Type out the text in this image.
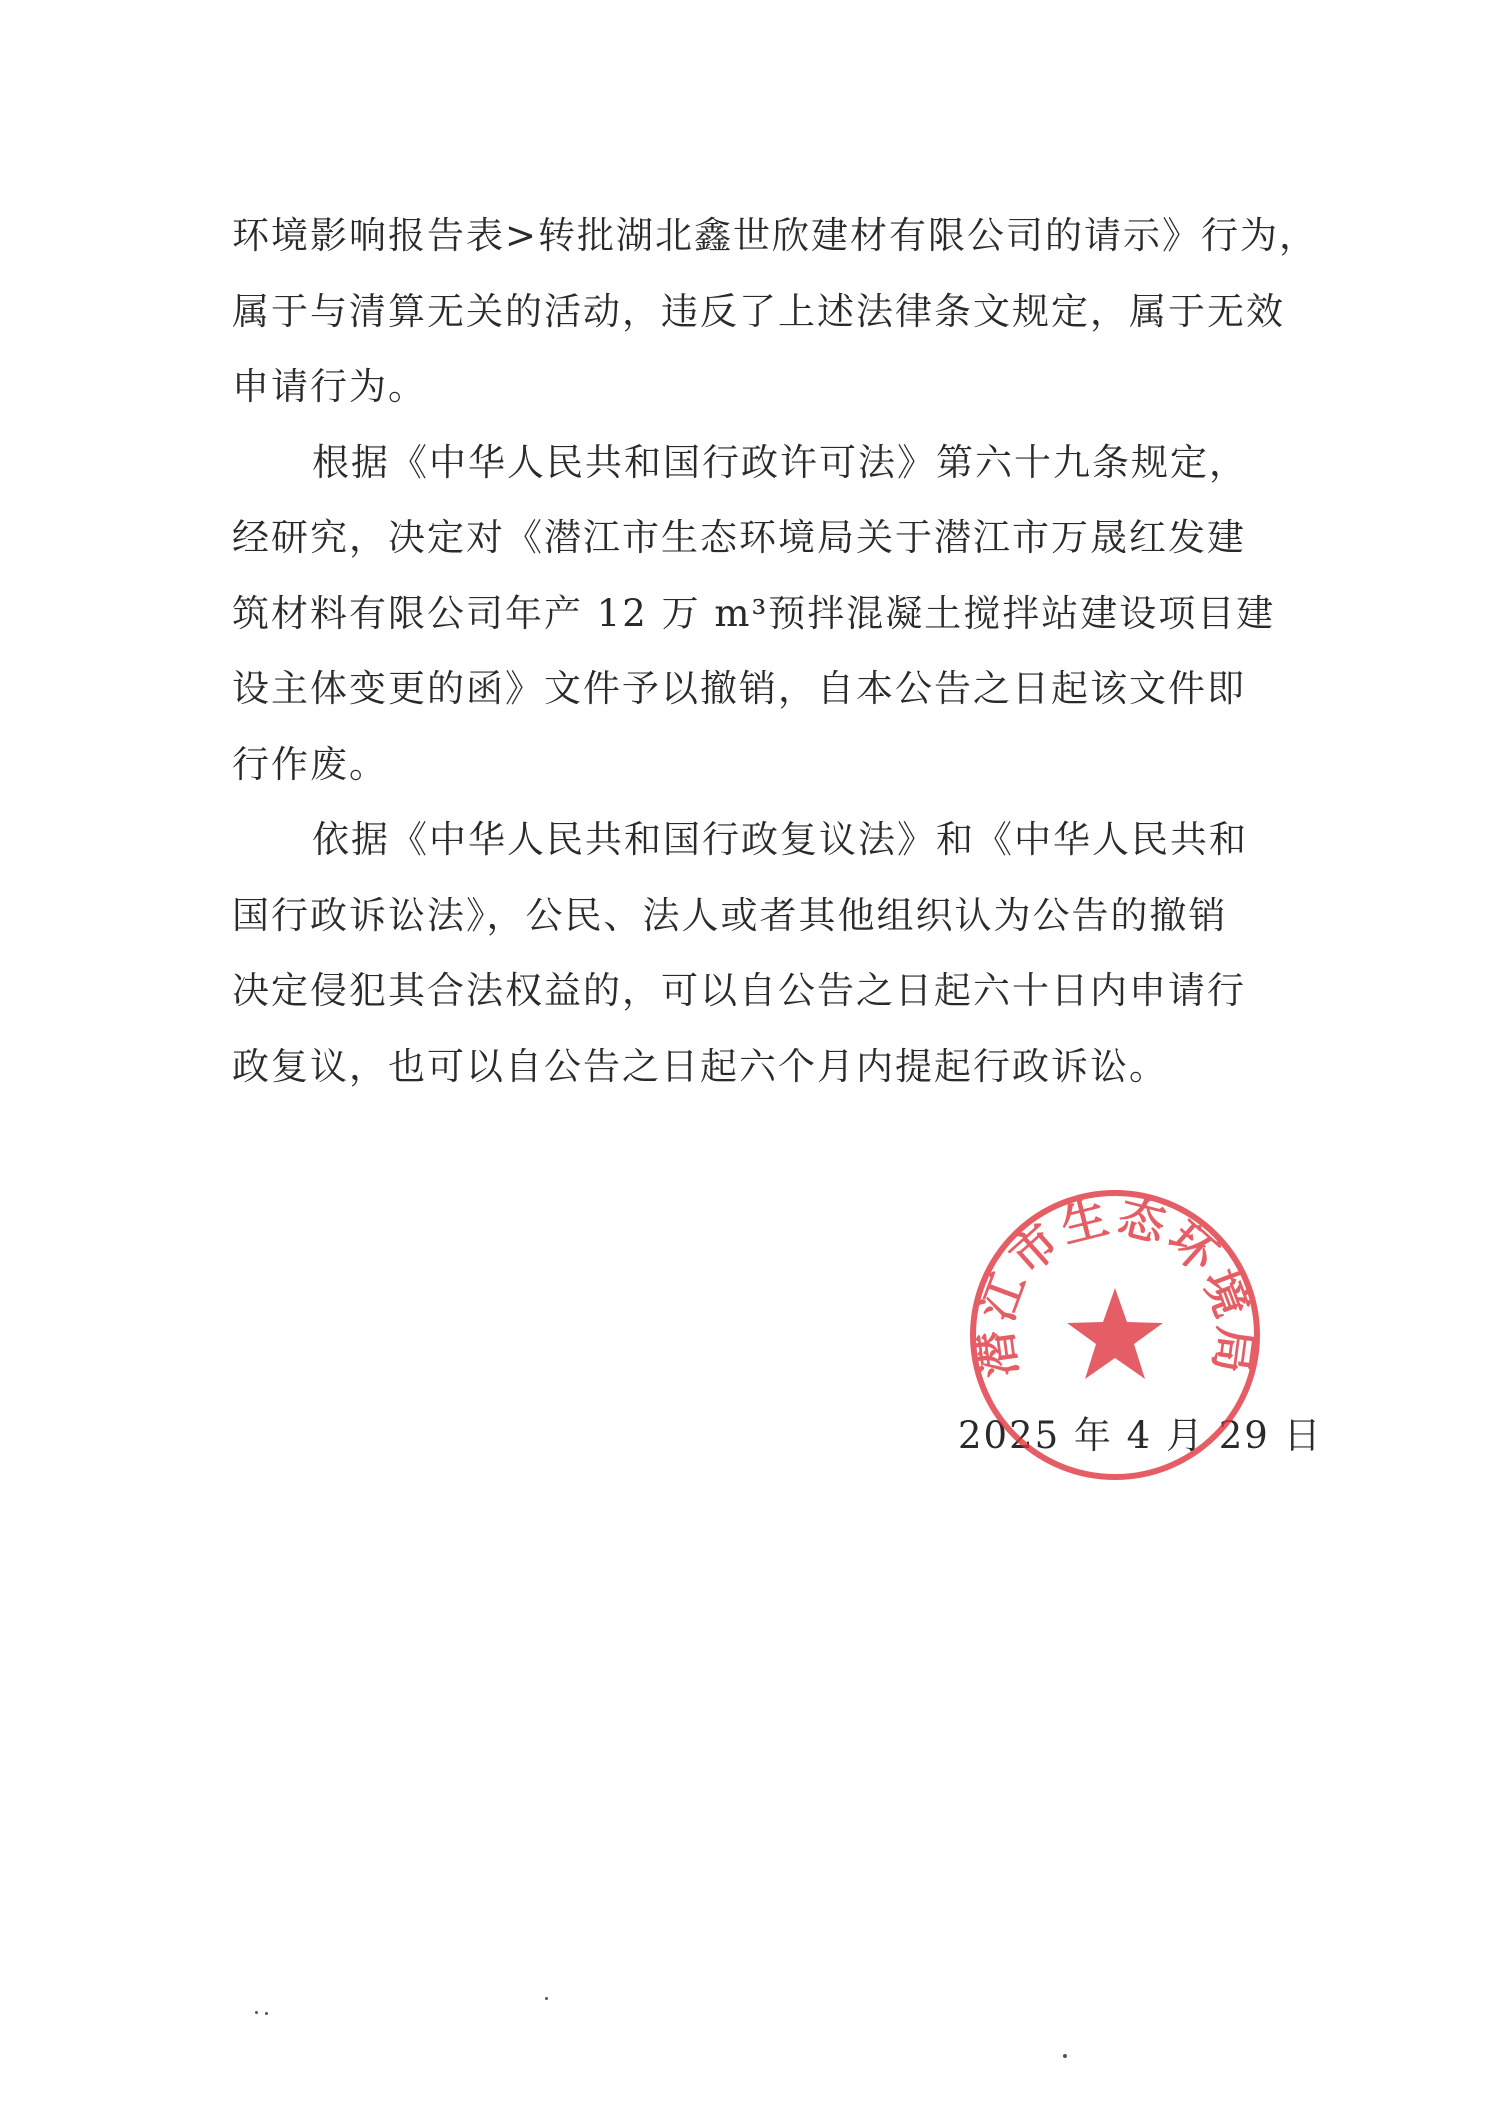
环境影响报告表>转批湖北鑫世欣建材有限公司的请示》行为，
属于与清算无关的活动，违反了上述法律条文规定，属于无效
申请行为。
根据《中华人民共和国行政许可法》第六十九条规定，
经研究，决定对《潜江市生态环境局关于潜江市万晟红发建
筑材料有限公司年产 12 万 m³预拌混凝土搅拌站建设项目建
设主体变更的函》文件予以撤销，自本公告之日起该文件即
行作废。
依据《中华人民共和国行政复议法》和《中华人民共和
国行政诉讼法》，公民、法人或者其他组织认为公告的撤销
决定侵犯其合法权益的，可以自公告之日起六十日内申请行
政复议，也可以自公告之日起六个月内提起行政诉讼。
2025 年 4 月 29 日
潜江市生态环境局
